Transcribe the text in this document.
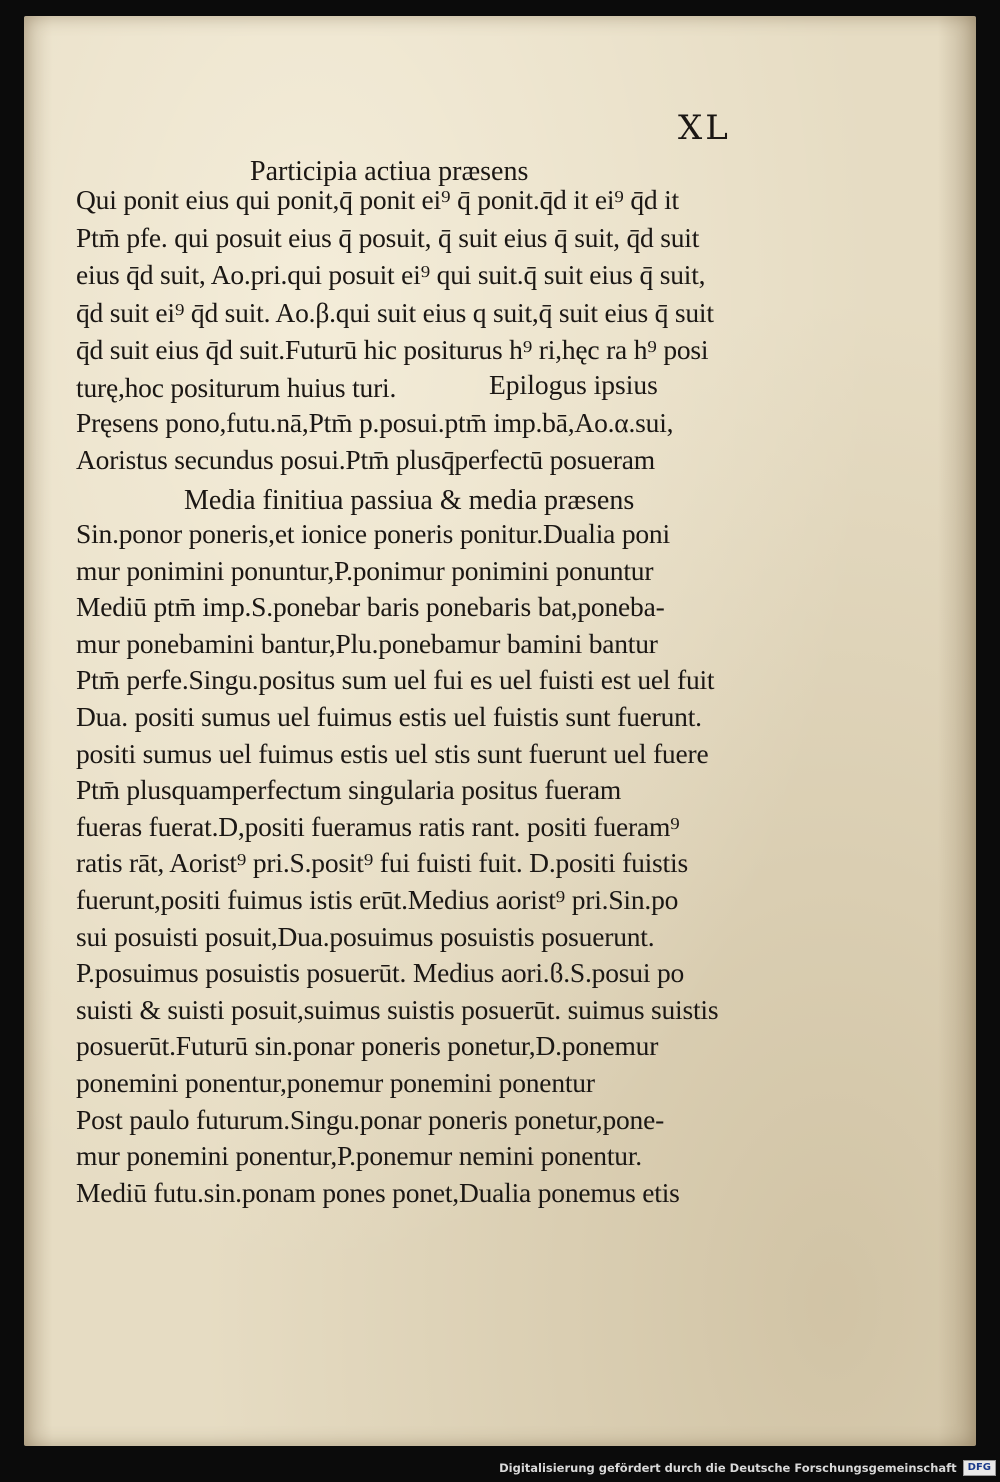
XL

Participia actiua præsens

Qui ponit eius qui ponit,q̄ ponit ei⁹ q̄ ponit.q̄d it ei⁹ q̄d it

Ptm̄ pfe. qui posuit eius q̄ posuit, q̄ suit eius q̄ suit, q̄d suit

eius q̄d suit, Ao.pri.qui posuit ei⁹ qui suit.q̄ suit eius q̄ suit,

q̄d suit ei⁹ q̄d suit. Ao.β.qui suit eius q suit,q̄ suit eius q̄ suit

q̄d suit eius q̄d suit.Futurū hic positurus h⁹ ri,hęc ra h⁹ posi

turę,hoc positurum huius turi.	Epilogus ipsius

Pręsens pono,futu.nā,Ptm̄ p.posui.ptm̄ imp.bā,Ao.α.sui,

Aoristus secundus posui.Ptm̄ plusq̄perfectū posueram

Media finitiua passiua & media præsens

Sin.ponor poneris,et ionice poneris ponitur.Dualia poni

mur ponimini ponuntur,P.ponimur ponimini ponuntur

Mediū ptm̄ imp.S.ponebar baris ponebaris bat,poneba-

mur ponebamini bantur,Plu.ponebamur bamini bantur

Ptm̄ perfe.Singu.positus sum uel fui es uel fuisti est uel fuit

Dua. positi sumus uel fuimus estis uel fuistis sunt fuerunt.

positi sumus uel fuimus estis uel stis sunt fuerunt uel fuere

Ptm̄ plusquamperfectum singularia positus fueram

fueras fuerat.D,positi fueramus ratis rant. positi fueram⁹

ratis rāt, Aorist⁹ pri.S.posit⁹ fui fuisti fuit. D.positi fuistis

fuerunt,positi fuimus istis erūt.Medius aorist⁹ pri.Sin.po

sui posuisti posuit,Dua.posuimus posuistis posuerunt.

P.posuimus posuistis posuerūt. Medius aori.ϐ.S.posui po

suisti & suisti posuit,suimus suistis posuerūt. suimus suistis

posuerūt.Futurū sin.ponar poneris ponetur,D.ponemur

ponemini ponentur,ponemur ponemini ponentur

Post paulo futurum.Singu.ponar poneris ponetur,pone-

mur ponemini ponentur,P.ponemur nemini ponentur.

Mediū futu.sin.ponam pones ponet,Dualia ponemus etis

Digitalisierung gefördert durch die Deutsche Forschungsgemeinschaft	DFG
